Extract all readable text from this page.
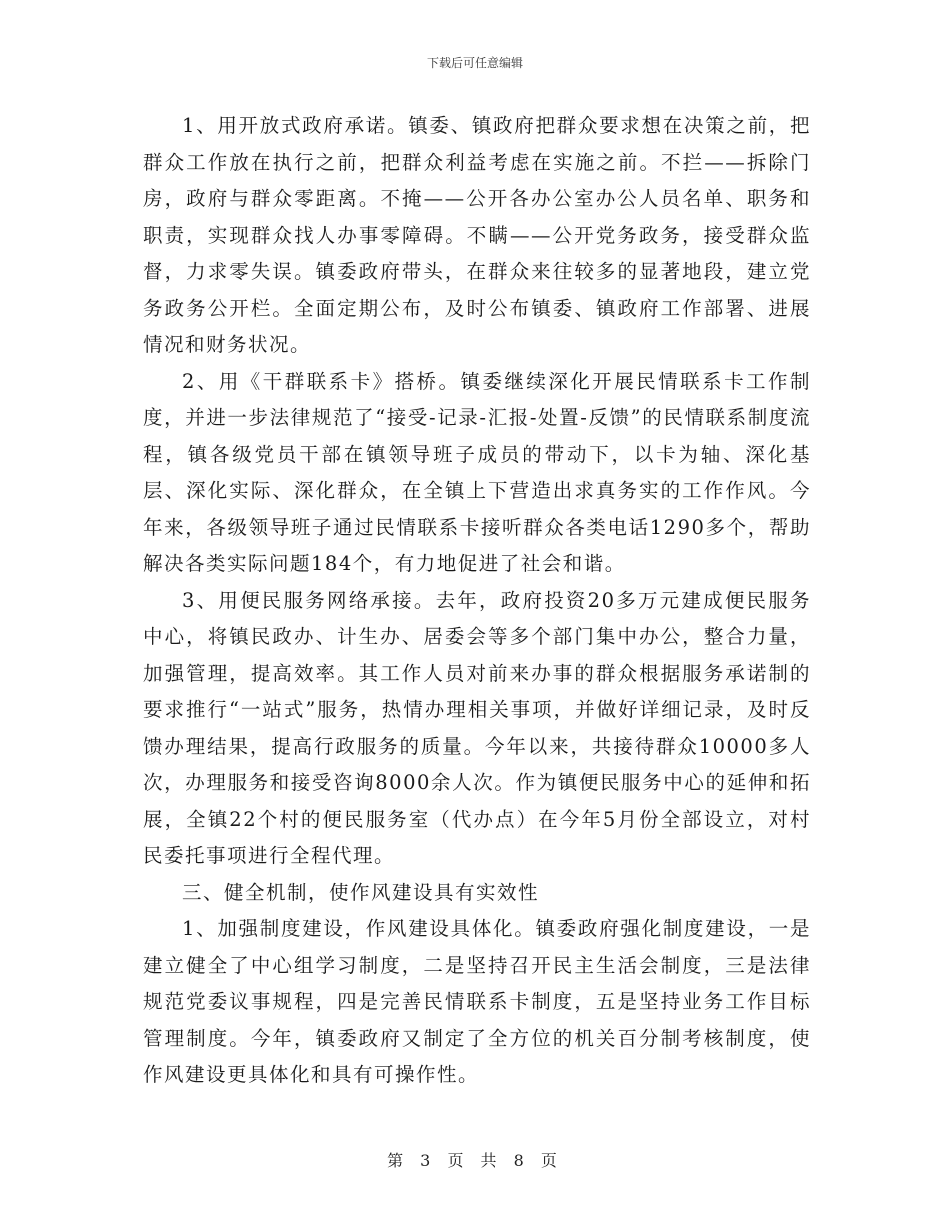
下载后可任意编辑

1、用开放式政府承诺。镇委、镇政府把群众要求想在决策之前，把群众工作放在执行之前，把群众利益考虑在实施之前。不拦——拆除门房，政府与群众零距离。不掩——公开各办公室办公人员名单、职务和职责，实现群众找人办事零障碍。不瞒——公开党务政务，接受群众监督，力求零失误。镇委政府带头，在群众来往较多的显著地段，建立党务政务公开栏。全面定期公布，及时公布镇委、镇政府工作部署、进展情况和财务状况。

2、用《干群联系卡》搭桥。镇委继续深化开展民情联系卡工作制度，并进一步法律规范了“接受-记录-汇报-处置-反馈”的民情联系制度流程，镇各级党员干部在镇领导班子成员的带动下，以卡为轴、深化基层、深化实际、深化群众，在全镇上下营造出求真务实的工作作风。今年来，各级领导班子通过民情联系卡接听群众各类电话1290多个，帮助解决各类实际问题184个，有力地促进了社会和谐。

3、用便民服务网络承接。去年，政府投资20多万元建成便民服务中心，将镇民政办、计生办、居委会等多个部门集中办公，整合力量，加强管理，提高效率。其工作人员对前来办事的群众根据服务承诺制的要求推行“一站式”服务，热情办理相关事项，并做好详细记录，及时反馈办理结果，提高行政服务的质量。今年以来，共接待群众10000多人次，办理服务和接受咨询8000余人次。作为镇便民服务中心的延伸和拓展，全镇22个村的便民服务室（代办点）在今年5月份全部设立，对村民委托事项进行全程代理。

三、健全机制，使作风建设具有实效性

1、加强制度建设，作风建设具体化。镇委政府强化制度建设，一是建立健全了中心组学习制度，二是坚持召开民主生活会制度，三是法律规范党委议事规程，四是完善民情联系卡制度，五是坚持业务工作目标管理制度。今年，镇委政府又制定了全方位的机关百分制考核制度，使作风建设更具体化和具有可操作性。

第 3 页 共 8 页
